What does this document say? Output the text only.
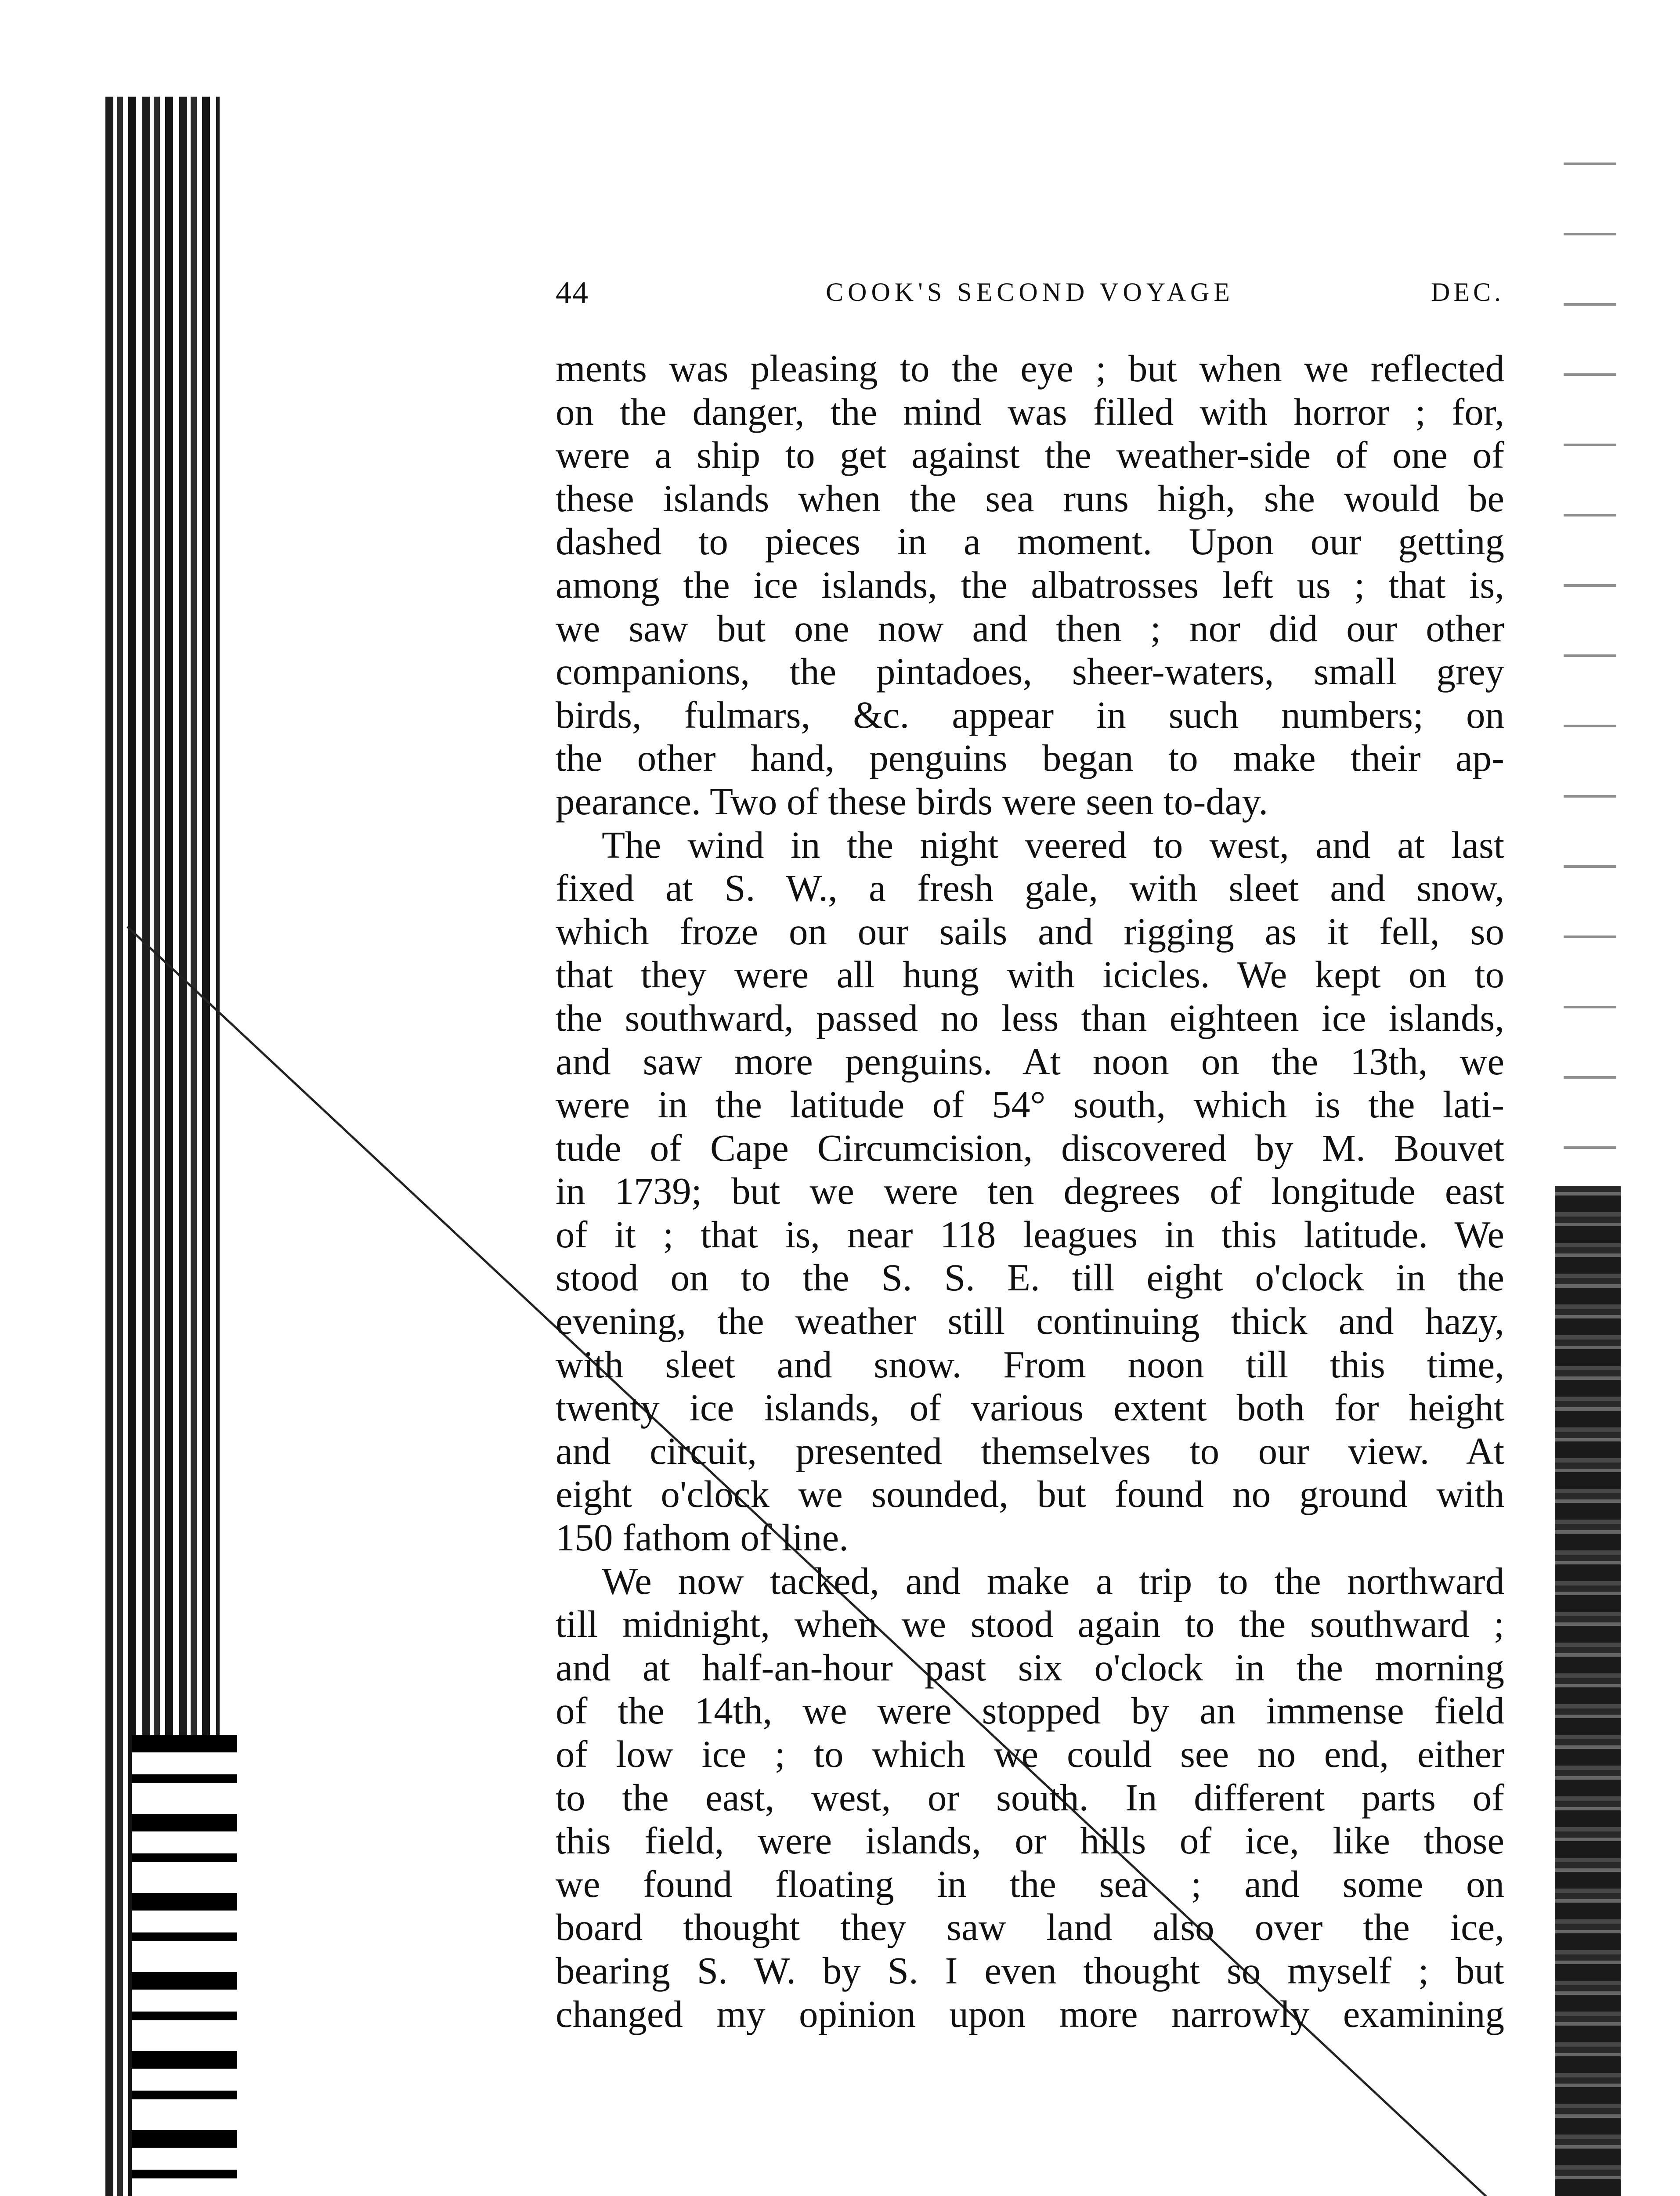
44	COOK'S SECOND VOYAGE	DEC.
ments was pleasing to the eye ; but when we reflected
on the danger, the mind was filled with horror ; for,
were a ship to get against the weather-side of one of
these islands when the sea runs high, she would be
dashed to pieces in a moment. Upon our getting
among the ice islands, the albatrosses left us ; that is,
we saw but one now and then ; nor did our other
companions, the pintadoes, sheer-waters, small grey
birds, fulmars, &c. appear in such numbers; on
the other hand, penguins began to make their ap-
pearance. Two of these birds were seen to-day.
The wind in the night veered to west, and at last
fixed at S. W., a fresh gale, with sleet and snow,
which froze on our sails and rigging as it fell, so
that they were all hung with icicles. We kept on to
the southward, passed no less than eighteen ice islands,
and saw more penguins. At noon on the 13th, we
were in the latitude of 54° south, which is the lati-
tude of Cape Circumcision, discovered by M. Bouvet
in 1739; but we were ten degrees of longitude east
of it ; that is, near 118 leagues in this latitude. We
stood on to the S. S. E. till eight o'clock in the
evening, the weather still continuing thick and hazy,
with sleet and snow. From noon till this time,
twenty ice islands, of various extent both for height
and circuit, presented themselves to our view. At
eight o'clock we sounded, but found no ground with
150 fathom of line.
We now tacked, and make a trip to the northward
till midnight, when we stood again to the southward ;
and at half-an-hour past six o'clock in the morning
of the 14th, we were stopped by an immense field
of low ice ; to which we could see no end, either
to the east, west, or south. In different parts of
this field, were islands, or hills of ice, like those
we found floating in the sea ; and some on
board thought they saw land also over the ice,
bearing S. W. by S. I even thought so myself ; but
changed my opinion upon more narrowly examining
